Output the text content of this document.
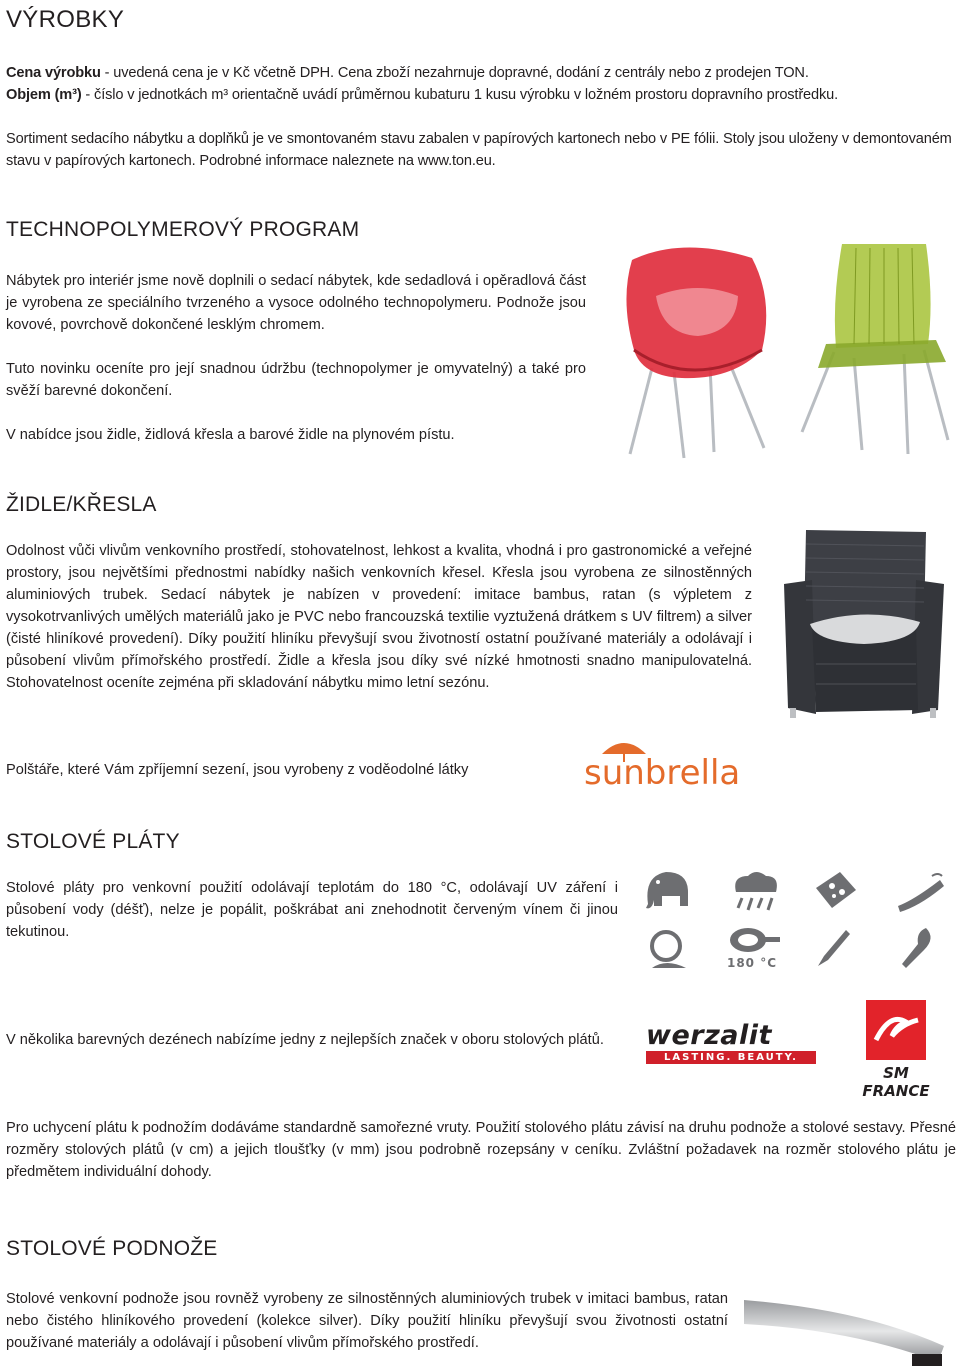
VÝROBKY

Cena výrobku - uvedená cena je v Kč včetně DPH. Cena zboží nezahrnuje dopravné, dodání z centrály nebo z prodejen TON.

Objem (m³) - číslo v jednotkách m³ orientačně uvádí průměrnou kubaturu 1 kusu výrobku v ložném prostoru dopravního prostředku.

Sortiment sedacího nábytku a doplňků je ve smontovaném stavu zabalen v papírových kartonech nebo v PE fólii. Stoly jsou uloženy v demontovaném stavu v papírových kartonech. Podrobné informace naleznete na www.ton.eu.

TECHNOPOLYMEROVÝ PROGRAM

Nábytek pro interiér jsme nově doplnili o sedací nábytek, kde sedadlová i opěradlová část je vyrobena ze speciálního tvrzeného a vysoce odolného technopolymeru. Podnože jsou kovové, povrchově dokončené lesklým chromem.

Tuto novinku oceníte pro její snadnou údržbu (technopolymer je omyvatelný) a také pro svěží barevné dokončení.

V nabídce jsou židle, židlová křesla a barové židle na plynovém pístu.

ŽIDLE/KŘESLA

Odolnost vůči vlivům venkovního prostředí, stohovatelnost, lehkost a kvalita, vhodná i pro gastronomické a veřejné prostory, jsou největšími přednostmi nabídky našich venkovních křesel. Křesla jsou vyrobena ze silnostěnných aluminiových trubek. Sedací nábytek je nabízen v provedení: imitace bambus, ratan (s výpletem z vysokotrvanlivých umělých materiálů jako je PVC nebo francouzská textilie vyztužená drátkem s UV filtrem) a silver (čisté hliníkové provedení). Díky použití hliníku převyšují svou životností ostatní používané materiály a odolávají i působení vlivům přímořského prostředí. Židle a křesla jsou díky své nízké hmotnosti snadno manipulovatelná. Stohovatelnost oceníte zejména při skladování nábytku mimo letní sezónu.

Polštáře, které Vám zpříjemní sezení, jsou vyrobeny z voděodolné látky	sunbrella
STOLOVÉ PLÁTY

Stolové pláty pro venkovní použití odolávají teplotám do 180 °C, odolávají UV záření i působení vody (déšť), nelze je popálit, poškrábat ani znehodnotit červeným vínem či jinou tekutinou.

180 °C

V několika barevných dezénech nabízíme jedny z nejlepších značek v oboru stolových plátů.	werzalit
LASTING. BEAUTY.
SM FRANCE

Pro uchycení plátu k podnožím dodáváme standardně samořezné vruty. Použití stolového plátu závisí na druhu podnože a stolové sestavy. Přesné rozměry stolových plátů (v cm) a jejich tloušťky (v mm) jsou podrobně rozepsány v ceníku. Zvláštní požadavek na rozměr stolového plátu je předmětem individuální dohody.

STOLOVÉ PODNOŽE

Stolové venkovní podnože jsou rovněž vyrobeny ze silnostěnných aluminiových trubek v imitaci bambus, ratan nebo čistého hliníkového provedení (kolekce silver). Díky použití hliníku převyšují svou životnosti ostatní používané materiály a odolávají i působení vlivům přímořského prostředí.
